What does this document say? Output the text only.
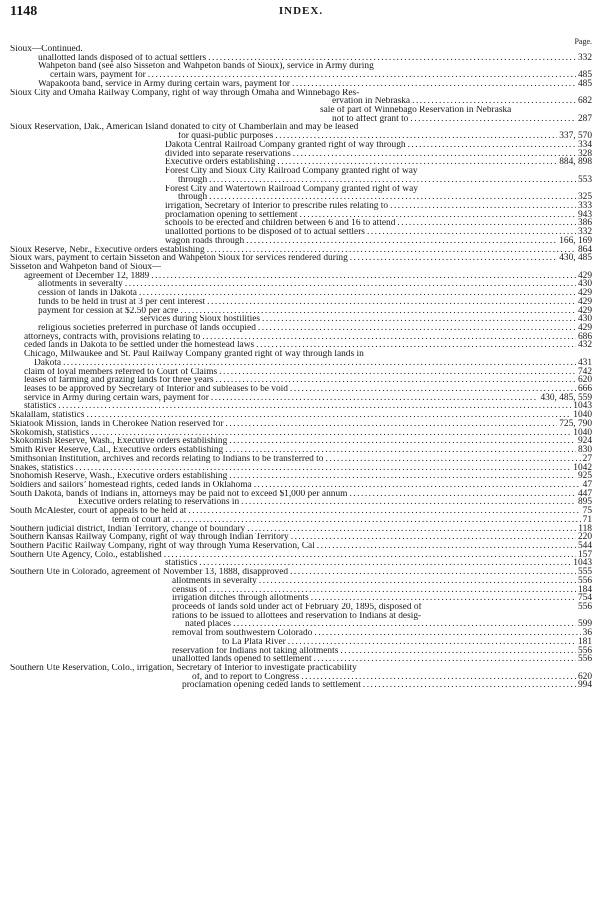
1148	INDEX.
Page.
Sioux—Continued.
unallotted lands disposed of to actual settlers .....	332
Wahpeton band (see also Sisseton and Wahpeton bands of Sioux), service in Army during
certain wars, payment for .....	485
Wapakoota band, service in Army during certain wars, payment for .....	485
Sioux City and Omaha Railway Company, right of way through Omaha and Winnebago Res-
ervation in Nebraska .....	682
sale of part of Winnebago Reservation in Nebraska
not to affect grant to .....	287
Sioux Reservation, Dak., American Island donated to city of Chamberlain and may be leased
for quasi-public purposes .....	337, 570
Dakota Central Railroad Company granted right of way through .....	334
divided into separate reservations .....	328
Executive orders establishing .....	884, 898
Forest City and Sioux City Railroad Company granted right of way
through .....	553
Forest City and Watertown Railroad Company granted right of way
through .....	325
irrigation, Secretary of Interior to prescribe rules relating to .....	333
proclamation opening to settlement .....	943
schools to be erected and children between 6 and 16 to attend .....	386
unallotted portions to be disposed of to actual settlers .....	332
wagon roads through .....	166, 169
Sioux Reserve, Nebr., Executive orders establishing .....	864
Sioux wars, payment to certain Sisseton and Wahpeton Sioux for services rendered during .....	430, 485
Sisseton and Wahpeton band of Sioux—
agreement of December 12, 1889 .....	429
allotments in severalty .....	430
cession of lands in Dakota .....	429
funds to be held in trust at 3 per cent interest .....	429
payment for cession at $2.50 per acre .....	429
services during Sioux hostilities .....	430
religious societies preferred in purchase of lands occupied .....	429
attorneys, contracts with, provisions relating to .....	686
ceded lands in Dakota to be settled under the homestead laws .....	432
Chicago, Milwaukee and St. Paul Railway Company granted right of way through lands in
Dakota .....	431
claim of loyal members referred to Court of Claims .....	742
leases of farming and grazing lands for three years .....	620
leases to be approved by Secretary of Interior and subleases to be void .....	666
service in Army during certain wars, payment for .....	430, 485, 559
statistics .....	1043
Skalallam, statistics .....	1040
Skiatook Mission, lands in Cherokee Nation reserved for .....	725, 790
Skokomish, statistics .....	1040
Skokomish Reserve, Wash., Executive orders establishing .....	924
Smith River Reserve, Cal., Executive orders establishing .....	830
Smithsonian Institution, archives and records relating to Indians to be transferred to .....	27
Snakes, statistics .....	1042
Snohomish Reserve, Wash., Executive orders establishing .....	925
Soldiers and sailors’ homestead rights, ceded lands in Oklahoma .....	47
South Dakota, bands of Indians in, attorneys may be paid not to exceed $1,000 per annum .....	447
Executive orders relating to reservations in .....	895
South McAlester, court of appeals to be held at .....	75
term of court at .....	71
Southern judicial district, Indian Territory, change of boundary .....	118
Southern Kansas Railway Company, right of way through Indian Territory .....	220
Southern Pacific Railway Company, right of way through Yuma Reservation, Cal .....	544
Southern Ute Agency, Colo., established .....	157
statistics .....	1043
Southern Ute in Colorado, agreement of November 13, 1888, disapproved .....	555
allotments in severalty .....	556
census of .....	184
irrigation ditches through allotments .....	754
proceeds of lands sold under act of February 20, 1895, disposed of	556
rations to be issued to allottees and reservation to Indians at desig-
nated places .....	599
removal from southwestern Colorado .....	36
to La Plata River .....	181
reservation for Indians not taking allotments .....	556
unallotted lands opened to settlement .....	556
Southern Ute Reservation, Colo., irrigation, Secretary of Interior to investigate practicability
of, and to report to Congress .....	620
proclamation opening ceded lands to settlement .....	994
